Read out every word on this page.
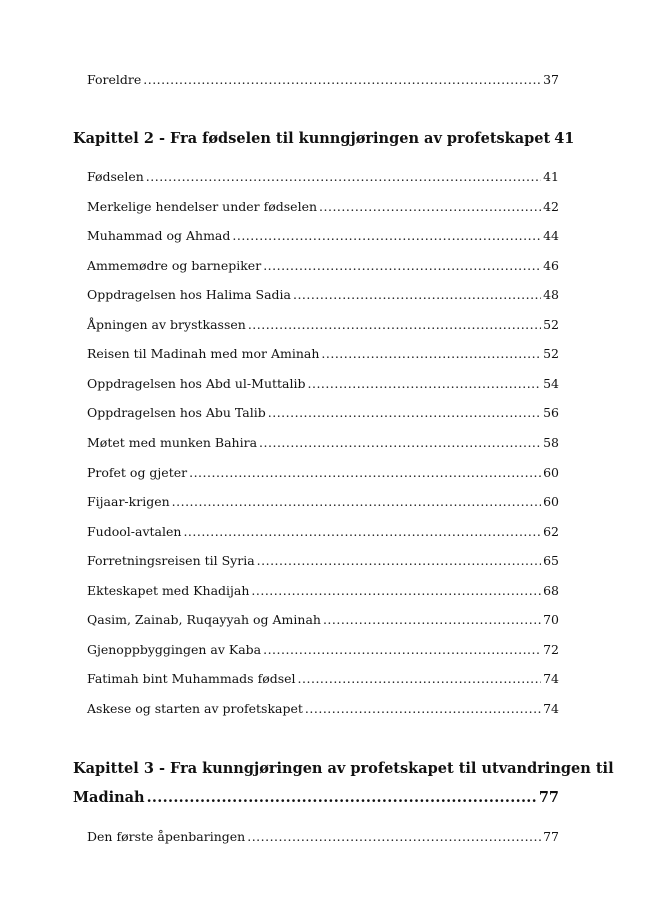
Foreldre .....	37
Kapittel 2 - Fra fødselen til kunngjøringen av profetskapet 41
Fødselen .....	41
Merkelige hendelser under fødselen .....	42
Muhammad og Ahmad .....	44
Ammemødre og barnepiker .....	46
Oppdragelsen hos Halima Sadia .....	48
Åpningen av brystkassen .....	52
Reisen til Madinah med mor Aminah .....	52
Oppdragelsen hos Abd ul-Muttalib .....	54
Oppdragelsen hos Abu Talib .....	56
Møtet med munken Bahira .....	58
Profet og gjeter .....	60
Fijaar-krigen .....	60
Fudool-avtalen .....	62
Forretningsreisen til Syria .....	65
Ekteskapet med Khadijah .....	68
Qasim, Zainab, Ruqayyah og Aminah .....	70
Gjenoppbyggingen av Kaba .....	72
Fatimah bint Muhammads fødsel .....	74
Askese og starten av profetskapet .....	74
Kapittel 3 - Fra kunngjøringen av profetskapet til utvandringen til
Madinah .....	77
Den første åpenbaringen .....	77
